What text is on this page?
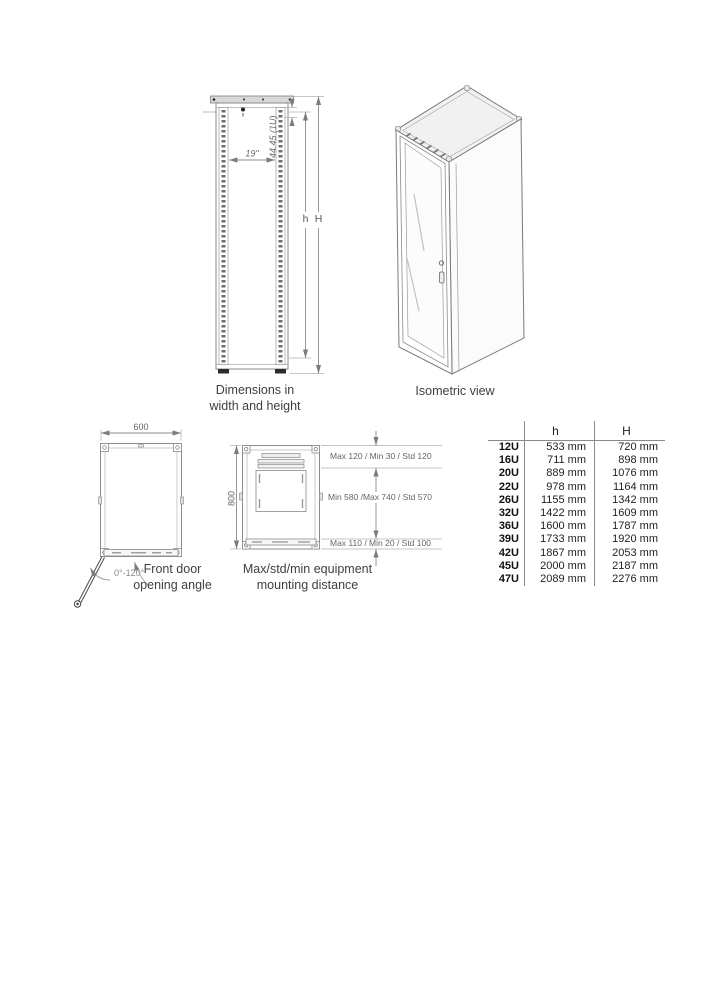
19" 44.45 (1U)
h H
Dimensions in
width and height
Isometric view
600
0°-120° Front door
opening angle
800
Max 120 / Min 30 / Std 120
Min 580 /Max 740 / Std 570
Max 110 / Min 20 / Std 100
Max/std/min equipment
mounting distance
	h	H
12U	533 mm	720 mm
16U	711 mm	898 mm
20U	889 mm	1076 mm
22U	978 mm	1164 mm
26U	1155 mm	1342 mm
32U	1422 mm	1609 mm
36U	1600 mm	1787 mm
39U	1733 mm	1920 mm
42U	1867 mm	2053 mm
45U	2000 mm	2187 mm
47U	2089 mm	2276 mm
